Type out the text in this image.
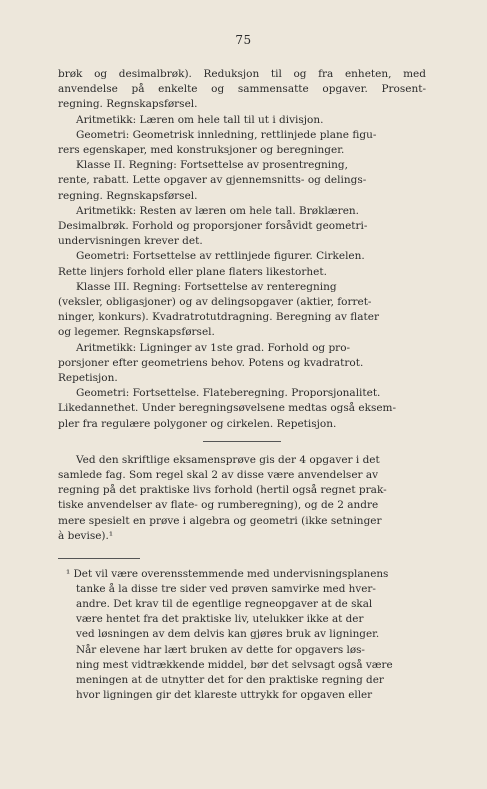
75
brøk og desimalbrøk). Reduksjon til og fra enheten, med
anvendelse på enkelte og sammensatte opgaver. Prosent-
regning. Regnskapsførsel.
Aritmetikk: Læren om hele tall til ut i divisjon.
Geometri: Geometrisk innledning, rettlinjede plane figu-
rers egenskaper, med konstruksjoner og beregninger.
Klasse II. Regning: Fortsettelse av prosentregning,
rente, rabatt. Lette opgaver av gjennemsnitts- og delings-
regning. Regnskapsførsel.
Aritmetikk: Resten av læren om hele tall. Brøklæren.
Desimalbrøk. Forhold og proporsjoner forsåvidt geometri-
undervisningen krever det.
Geometri: Fortsettelse av rettlinjede figurer. Cirkelen.
Rette linjers forhold eller plane flaters likestorhet.
Klasse III. Regning: Fortsettelse av renteregning
(veksler, obligasjoner) og av delingsopgaver (aktier, forret-
ninger, konkurs). Kvadratrotutdragning. Beregning av flater
og legemer. Regnskapsførsel.
Aritmetikk: Ligninger av 1ste grad. Forhold og pro-
porsjoner efter geometriens behov. Potens og kvadratrot.
Repetisjon.
Geometri: Fortsettelse. Flateberegning. Proporsjonalitet.
Likedannethet. Under beregningsøvelsene medtas også eksem-
pler fra regulære polygoner og cirkelen. Repetisjon.
Ved den skriftlige eksamensprøve gis der 4 opgaver i det
samlede fag. Som regel skal 2 av disse være anvendelser av
regning på det praktiske livs forhold (hertil også regnet prak-
tiske anvendelser av flate- og rumberegning), og de 2 andre
mere spesielt en prøve i algebra og geometri (ikke setninger
à bevise).¹
¹ Det vil være overensstemmende med undervisningsplanens
tanke å la disse tre sider ved prøven samvirke med hver-
andre. Det krav til de egentlige regneopgaver at de skal
være hentet fra det praktiske liv, utelukker ikke at der
ved løsningen av dem delvis kan gjøres bruk av ligninger.
Når elevene har lært bruken av dette for opgavers løs-
ning mest vidtrækkende middel, bør det selvsagt også være
meningen at de utnytter det for den praktiske regning der
hvor ligningen gir det klareste uttrykk for opgaven eller
